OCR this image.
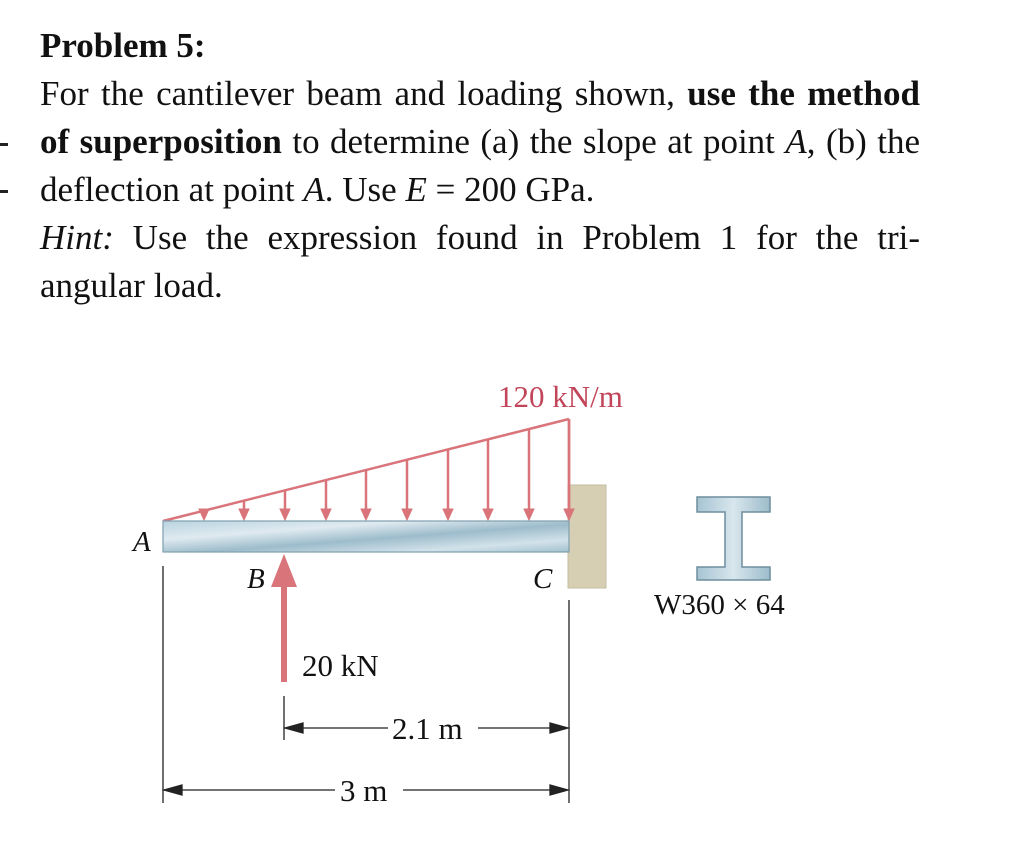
Problem 5:
For the cantilever beam and loading shown, use the method of superposition to determine (a) the slope at point A, (b) the deflection at point A. Use E = 200 GPa.
Hint: Use the expression found in Problem 1 for the tri-angular load.
120 kN/m
A
B	C
20 kN
2.1 m
3 m
W360 × 64
